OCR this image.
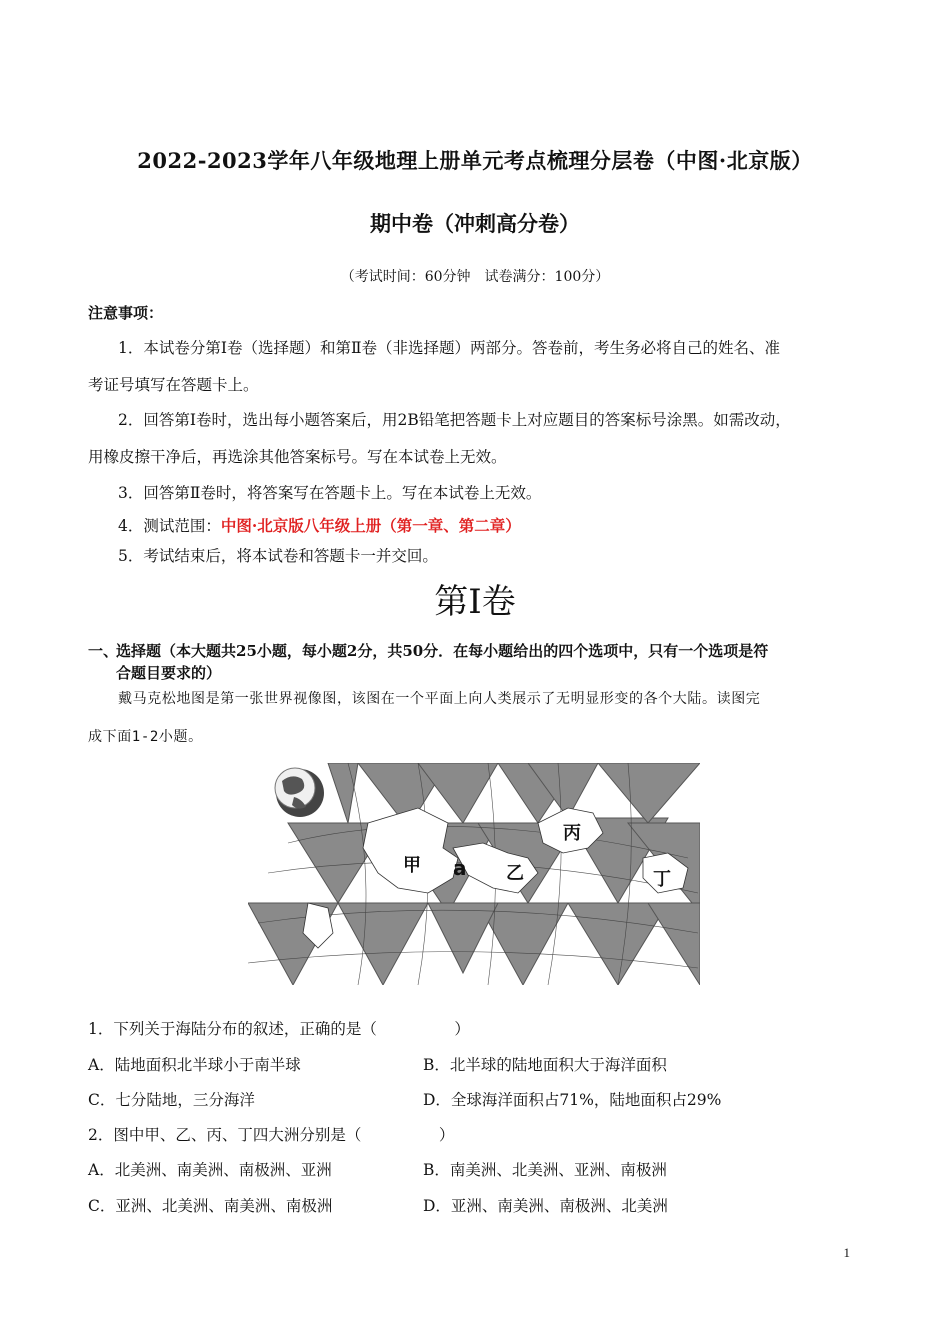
2022-2023学年八年级地理上册单元考点梳理分层卷（中图·北京版）
期中卷（冲刺高分卷）
（考试时间：60分钟　试卷满分：100分）
注意事项：
1．本试卷分第Ⅰ卷（选择题）和第Ⅱ卷（非选择题）两部分。答卷前，考生务必将自己的姓名、准
考证号填写在答题卡上。
2．回答第Ⅰ卷时，选出每小题答案后，用2B铅笔把答题卡上对应题目的答案标号涂黑。如需改动，
用橡皮擦干净后，再选涂其他答案标号。写在本试卷上无效。
3．回答第Ⅱ卷时，将答案写在答题卡上。写在本试卷上无效。
4．测试范围：中图·北京版八年级上册（第一章、第二章）
5．考试结束后，将本试卷和答题卡一并交回。
第Ⅰ卷
一、选择题（本大题共25小题，每小题2分，共50分．在每小题给出的四个选项中，只有一个选项是符
合题目要求的）
戴马克松地图是第一张世界视像图，该图在一个平面上向人类展示了无明显形变的各个大陆。读图完
成下面1-2小题。
甲 a 乙
丙
丁
1．下列关于海陆分布的叙述，正确的是（　　　　　）
A．陆地面积北半球小于南半球	B．北半球的陆地面积大于海洋面积
C．七分陆地，三分海洋	D．全球海洋面积占71%，陆地面积占29%
2．图中甲、乙、丙、丁四大洲分别是（　　　　　）
A．北美洲、南美洲、南极洲、亚洲	B．南美洲、北美洲、亚洲、南极洲
C．亚洲、北美洲、南美洲、南极洲	D．亚洲、南美洲、南极洲、北美洲
1
